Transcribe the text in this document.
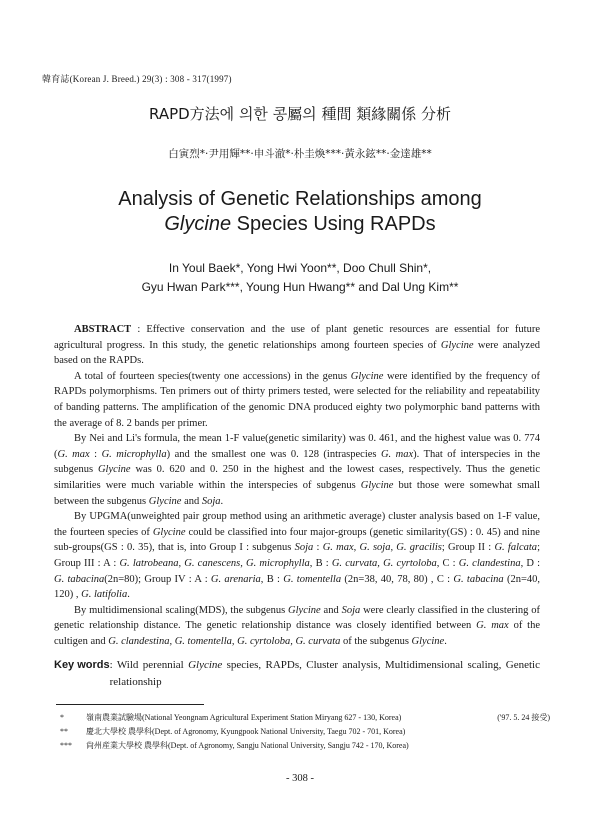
韓育誌(Korean J. Breed.) 29(3) : 308 - 317(1997)
RAPD方法에 의한 콩屬의 種間 類緣關係 分析
白寅烈*·尹用輝**·申斗澈*·朴圭煥***·黃永鉉**·金達雄**
Analysis of Genetic Relationships among
Glycine Species Using RAPDs
In Youl Baek*, Yong Hwi Yoon**, Doo Chull Shin*,
Gyu Hwan Park***, Young Hun Hwang** and Dal Ung Kim**

ABSTRACT : Effective conservation and the use of plant genetic resources are essential for future agricultural progress. In this study, the genetic relationships among fourteen species of Glycine were analyzed based on the RAPDs.

A total of fourteen species(twenty one accessions) in the genus Glycine were identified by the frequency of RAPDs polymorphisms. Ten primers out of thirty primers tested, were selected for the reliability and repeatability of banding patterns. The amplification of the genomic DNA produced eighty two polymorphic band patterns with the average of 8. 2 bands per primer.

By Nei and Li's formula, the mean 1-F value(genetic similarity) was 0. 461, and the highest value was 0. 774 (G. max : G. microphylla) and the smallest one was 0. 128 (intraspecies G. max). That of interspecies in the subgenus Glycine was 0. 620 and 0. 250 in the highest and the lowest cases, respectively. Thus the genetic similarities were much variable within the interspecies of subgenus Glycine but those were somewhat small between the subgenus Glycine and Soja.

By UPGMA(unweighted pair group method using an arithmetic average) cluster analysis based on 1-F value, the fourteen species of Glycine could be classified into four major-groups (genetic similarity(GS) : 0. 45) and nine sub-groups(GS : 0. 35), that is, into Group I : subgenus Soja : G. max, G. soja, G. gracilis; Group II : G. falcata; Group III : A : G. latrobeana, G. canescens, G. microphylla, B : G. curvata, G. cyrtoloba, C : G. clandestina, D : G. tabacina(2n=80); Group IV : A : G. arenaria, B : G. tomentella (2n=38, 40, 78, 80) , C : G. tabacina (2n=40, 120) , G. latifolia.

By multidimensional scaling(MDS), the subgenus Glycine and Soja were clearly classified in the clustering of genetic relationship distance. The genetic relationship distance was closely identified between G. max of the cultigen and G. clandestina, G. tomentella, G. cyrtoloba, G. curvata of the subgenus Glycine.

Key words : Wild perennial Glycine species, RAPDs, Cluster analysis, Multidimensional scaling, Genetic relationship
*	嶺南農業試驗場(National Yeongnam Agricultural Experiment Station Miryang 627 - 130, Korea)	('97. 5. 24 接受)
**	慶北大學校 農學科(Dept. of Agronomy, Kyungpook National University, Taegu 702 - 701, Korea)
***	尙州産業大學校 農學科(Dept. of Agronomy, Sangju National University, Sangju 742 - 170, Korea)
- 308 -
